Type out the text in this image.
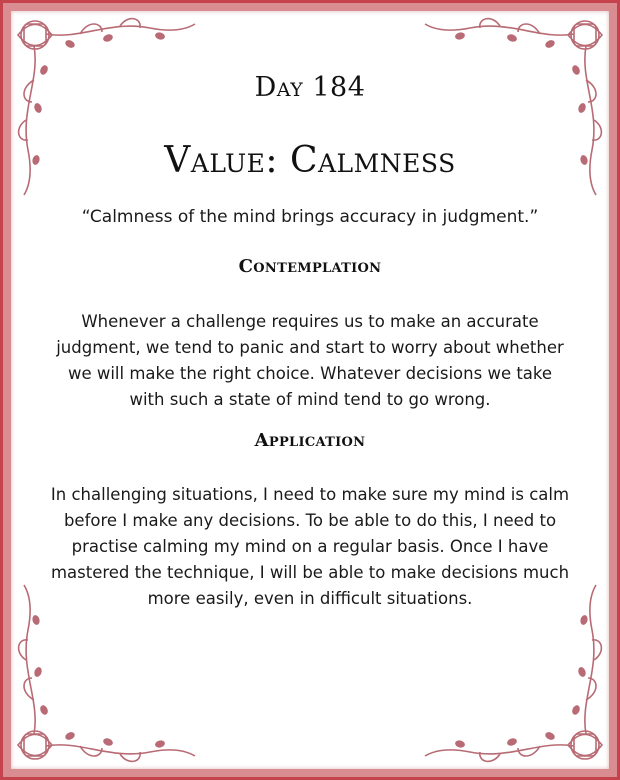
Day 184
Value: Calmness
“Calmness of the mind brings accuracy in judgment.”
Contemplation
Whenever a challenge requires us to make an accurate judgment, we tend to panic and start to worry about whether we will make the right choice. Whatever decisions we take with such a state of mind tend to go wrong.
Application
In challenging situations, I need to make sure my mind is calm before I make any decisions. To be able to do this, I need to practise calming my mind on a regular basis. Once I have mastered the technique, I will be able to make decisions much more easily, even in difficult situations.
